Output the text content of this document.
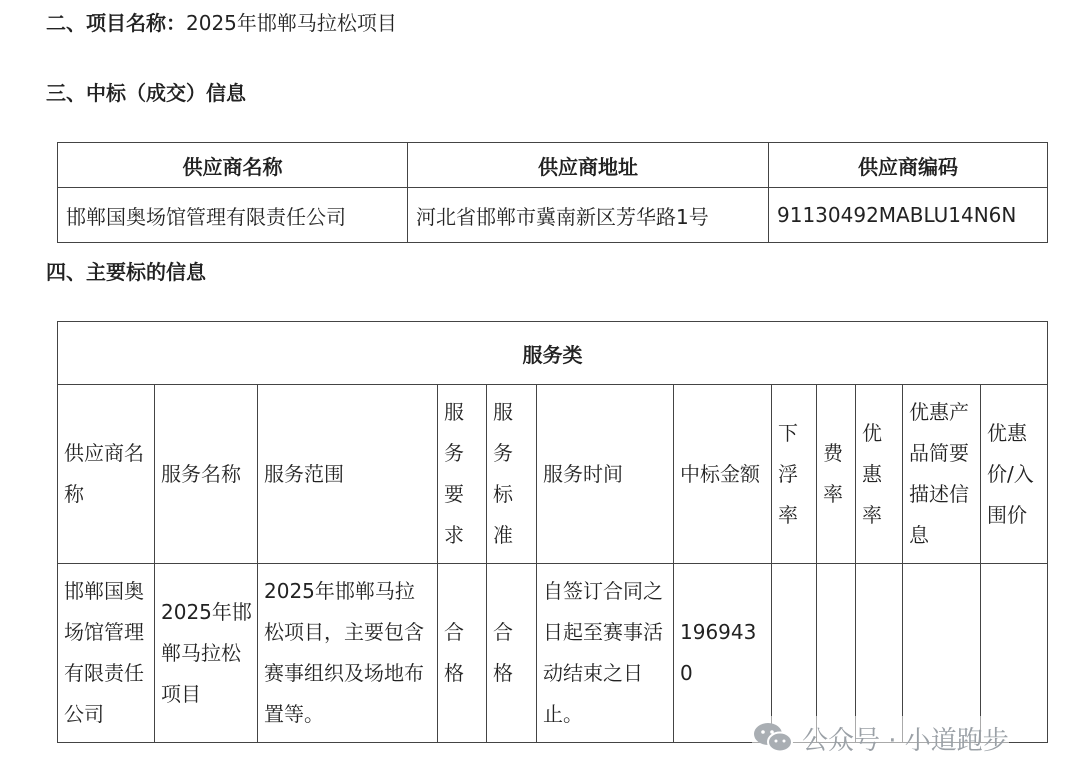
二、项目名称：2025年邯郸马拉松项目
三、中标（成交）信息
供应商名称	供应商地址	供应商编码
邯郸国奥场馆管理有限责任公司	河北省邯郸市冀南新区芳华路1号	91130492MABLU14N6N
四、主要标的信息
服务类											
供应商名称	服务名称	服务范围	服务要求	服务标准	服务时间	中标金额	下浮率	费率	优惠率	优惠产品简要描述信息	优惠价/入围价
邯郸国奥场馆管理有限责任公司	2025年邯郸马拉松项目	2025年邯郸马拉松项目，主要包含赛事组织及场地布置等。	合格	合格	自签订合同之日起至赛事活动结束之日止。	1969430					
公众号 · 小道跑步
